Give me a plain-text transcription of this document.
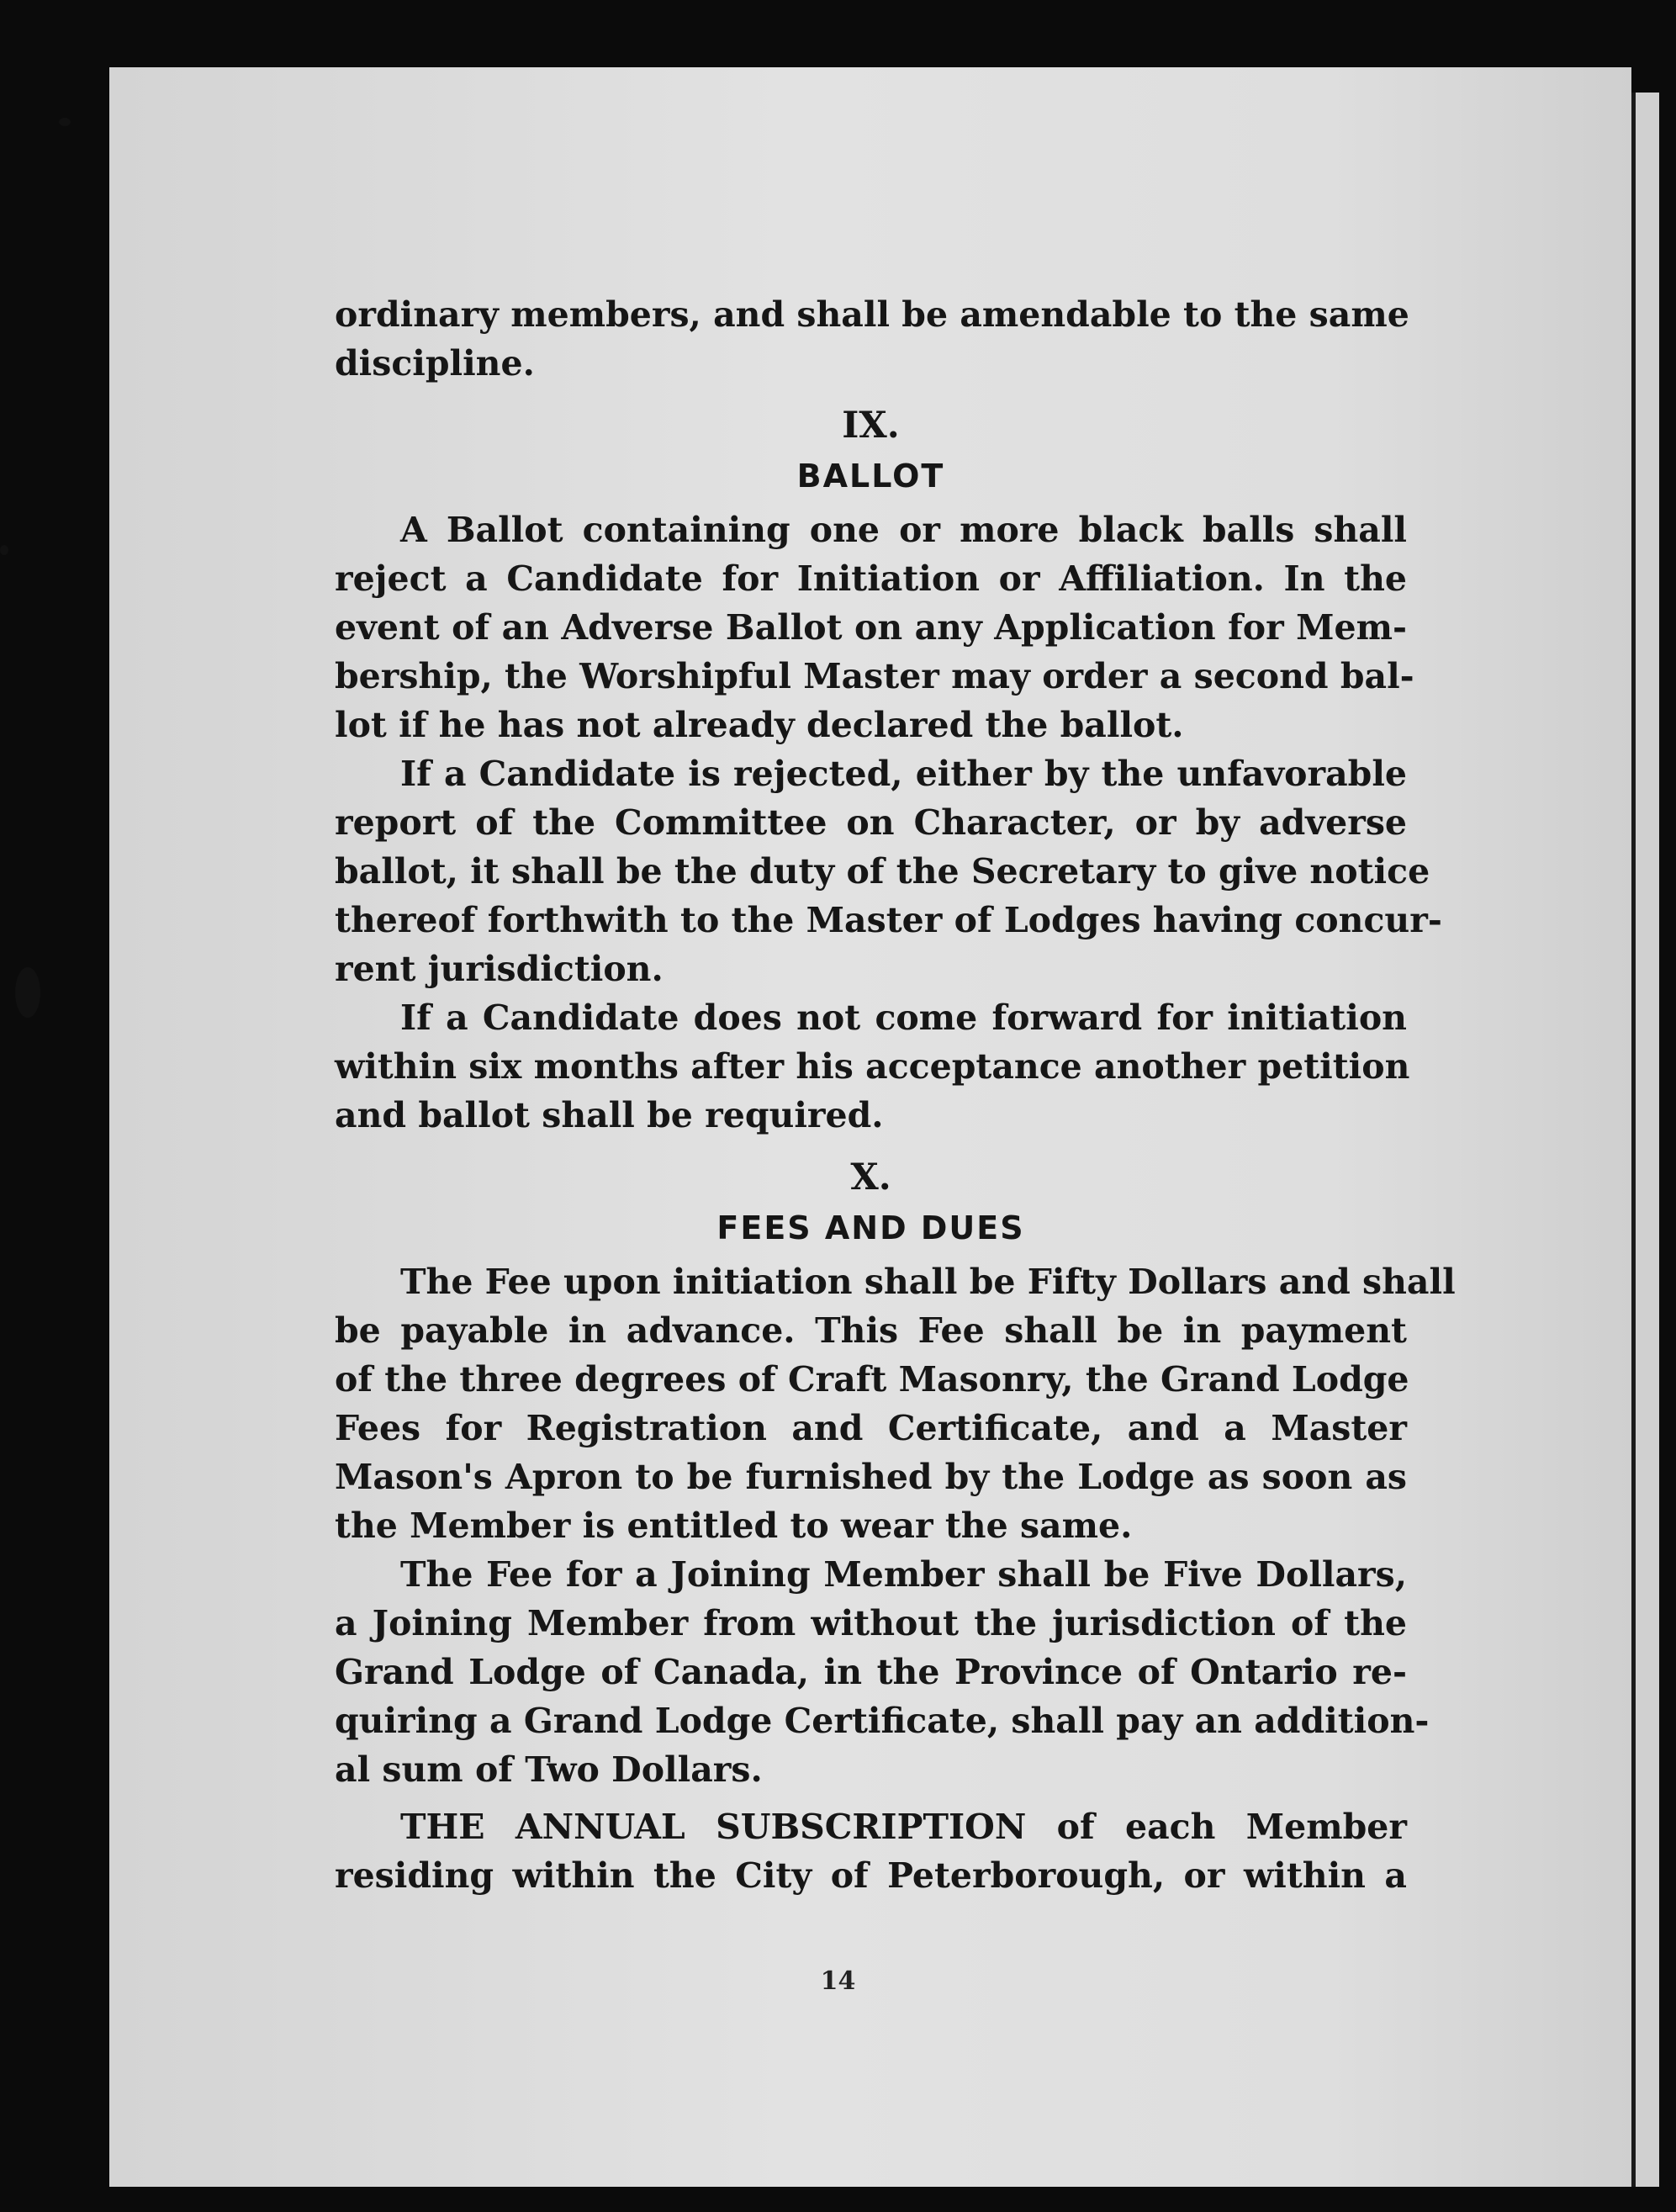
ordinary members, and shall be amendable to the same
discipline.

IX.

BALLOT

A Ballot containing one or more black balls shall
reject a Candidate for Initiation or Affiliation. In the
event of an Adverse Ballot on any Application for Mem-
bership, the Worshipful Master may order a second bal-
lot if he has not already declared the ballot.

If a Candidate is rejected, either by the unfavorable
report of the Committee on Character, or by adverse
ballot, it shall be the duty of the Secretary to give notice
thereof forthwith to the Master of Lodges having concur-
rent jurisdiction.

If a Candidate does not come forward for initiation
within six months after his acceptance another petition
and ballot shall be required.

X.

FEES AND DUES

The Fee upon initiation shall be Fifty Dollars and shall
be payable in advance. This Fee shall be in payment
of the three degrees of Craft Masonry, the Grand Lodge
Fees for Registration and Certificate, and a Master
Mason's Apron to be furnished by the Lodge as soon as
the Member is entitled to wear the same.

The Fee for a Joining Member shall be Five Dollars,
a Joining Member from without the jurisdiction of the
Grand Lodge of Canada, in the Province of Ontario re-
quiring a Grand Lodge Certificate, shall pay an addition-
al sum of Two Dollars.

THE ANNUAL SUBSCRIPTION of each Member
residing within the City of Peterborough, or within a

14
